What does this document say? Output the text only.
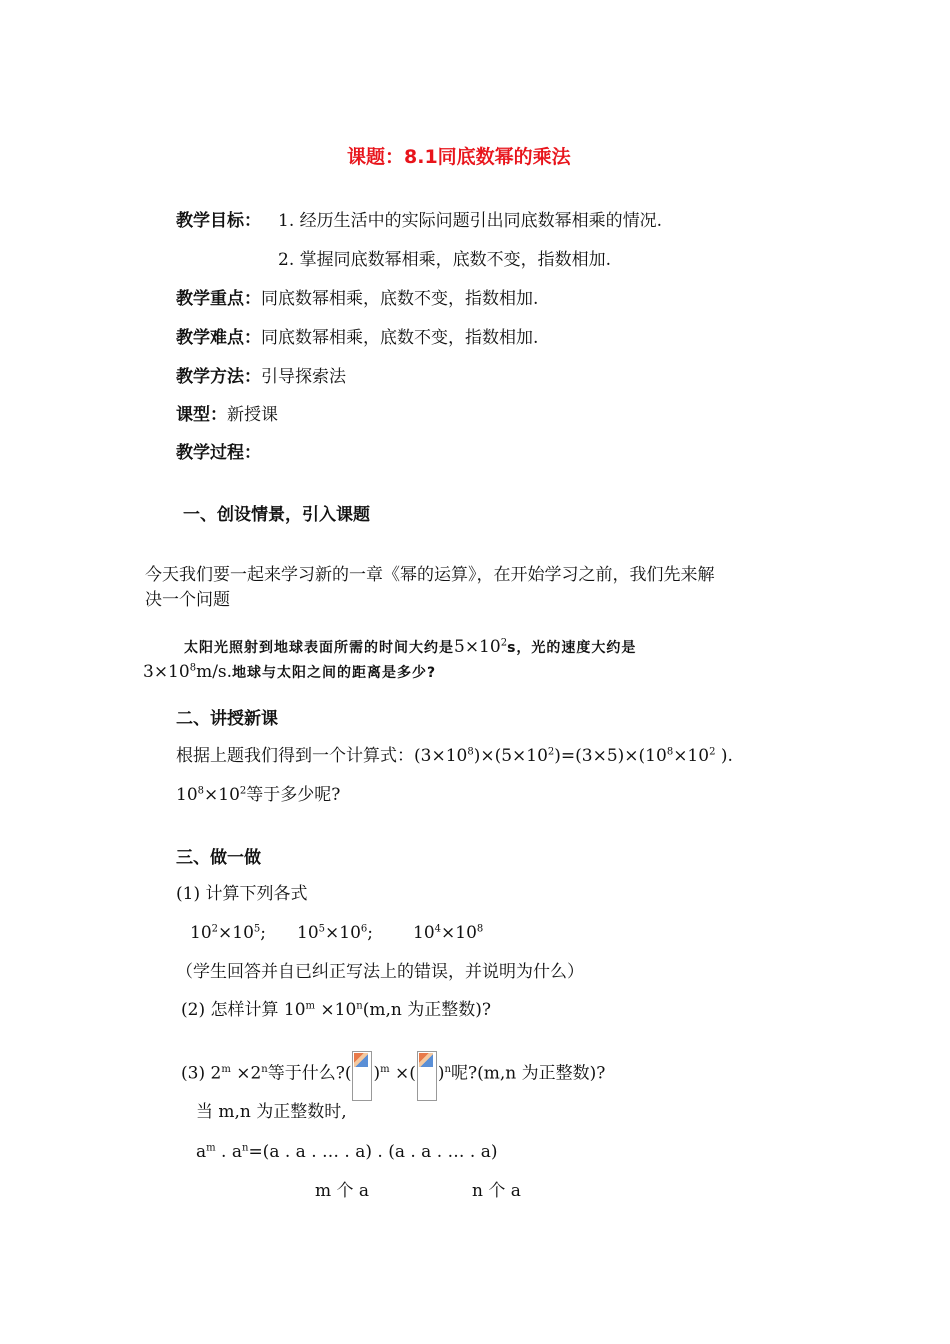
课题：8.1同底数幂的乘法
教学目标： 1. 经历生活中的实际问题引出同底数幂相乘的情况.
2. 掌握同底数幂相乘，底数不变，指数相加.
教学重点：同底数幂相乘，底数不变，指数相加.
教学难点：同底数幂相乘，底数不变，指数相加.
教学方法：引导探索法
课型：新授课
教学过程：
一、创设情景，引入课题
今天我们要一起来学习新的一章《幂的运算》，在开始学习之前，我们先来解
决一个问题
太阳光照射到地球表面所需的时间大约是$5\times 10^2s$，光的速度大约是
$3\times 10^8m/s$.地球与太阳之间的距离是多少?
二、讲授新课
根据上题我们得到一个计算式：$(3\times 10^8)\times(5\times 10^2)=(3\times 5)\times(10^8\times 10^2$ ).
$10^8\times 10^2$等于多少呢?
三、做一做
(1) 计算下列各式
$10^2\times 10^5$; $10^5\times 10^6$; $10^4\times 10^8$
（学生回答并自已纠正写法上的错误，并说明为什么）
(2) 怎样计算 $10^m \times 10^n(m,n$ 为正整数)?
(3) $2^m \times 2^n$等于什么?( )$^m$ ×( )$^n$呢?(m,n 为正整数)?
当 m,n 为正整数时,
$a^m$ . $a^n=(a$ . a . … . a) . (a . a . … . a)
m 个 a	n 个 a
